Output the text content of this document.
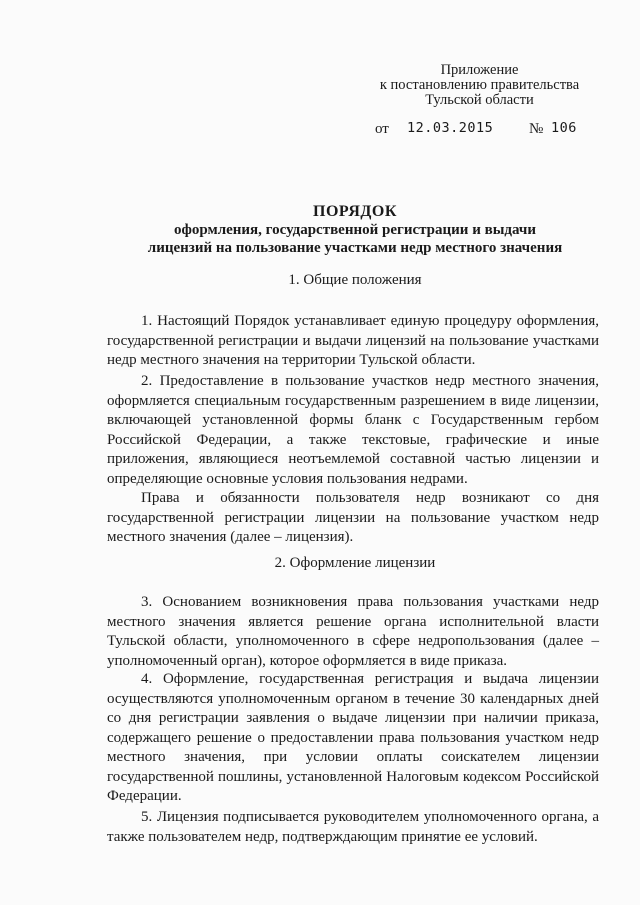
Приложение
к постановлению правительства
Тульской области
от 12.03.2015 № 106
ПОРЯДОК
оформления, государственной регистрации и выдачи
лицензий на пользование участками недр местного значения
1. Общие положения

1. Настоящий Порядок устанавливает единую процедуру оформления, государственной регистрации и выдачи лицензий на пользование участками недр местного значения на территории Тульской области.

2. Предоставление в пользование участков недр местного значения, оформляется специальным государственным разрешением в виде лицензии, включающей установленной формы бланк с Государственным гербом Российской Федерации, а также текстовые, графические и иные приложения, являющиеся неотъемлемой составной частью лицензии и определяющие основные условия пользования недрами.

Права и обязанности пользователя недр возникают со дня государственной регистрации лицензии на пользование участком недр местного значения (далее – лицензия).

2. Оформление лицензии

3. Основанием возникновения права пользования участками недр местного значения является решение органа исполнительной власти Тульской области, уполномоченного в сфере недропользования (далее – уполномоченный орган), которое оформляется в виде приказа.

4. Оформление, государственная регистрация и выдача лицензии осуществляются уполномоченным органом в течение 30 календарных дней со дня регистрации заявления о выдаче лицензии при наличии приказа, содержащего решение о предоставлении права пользования участком недр местного значения, при условии оплаты соискателем лицензии государственной пошлины, установленной Налоговым кодексом Российской Федерации.

5. Лицензия подписывается руководителем уполномоченного органа, а также пользователем недр, подтверждающим принятие ее условий.
